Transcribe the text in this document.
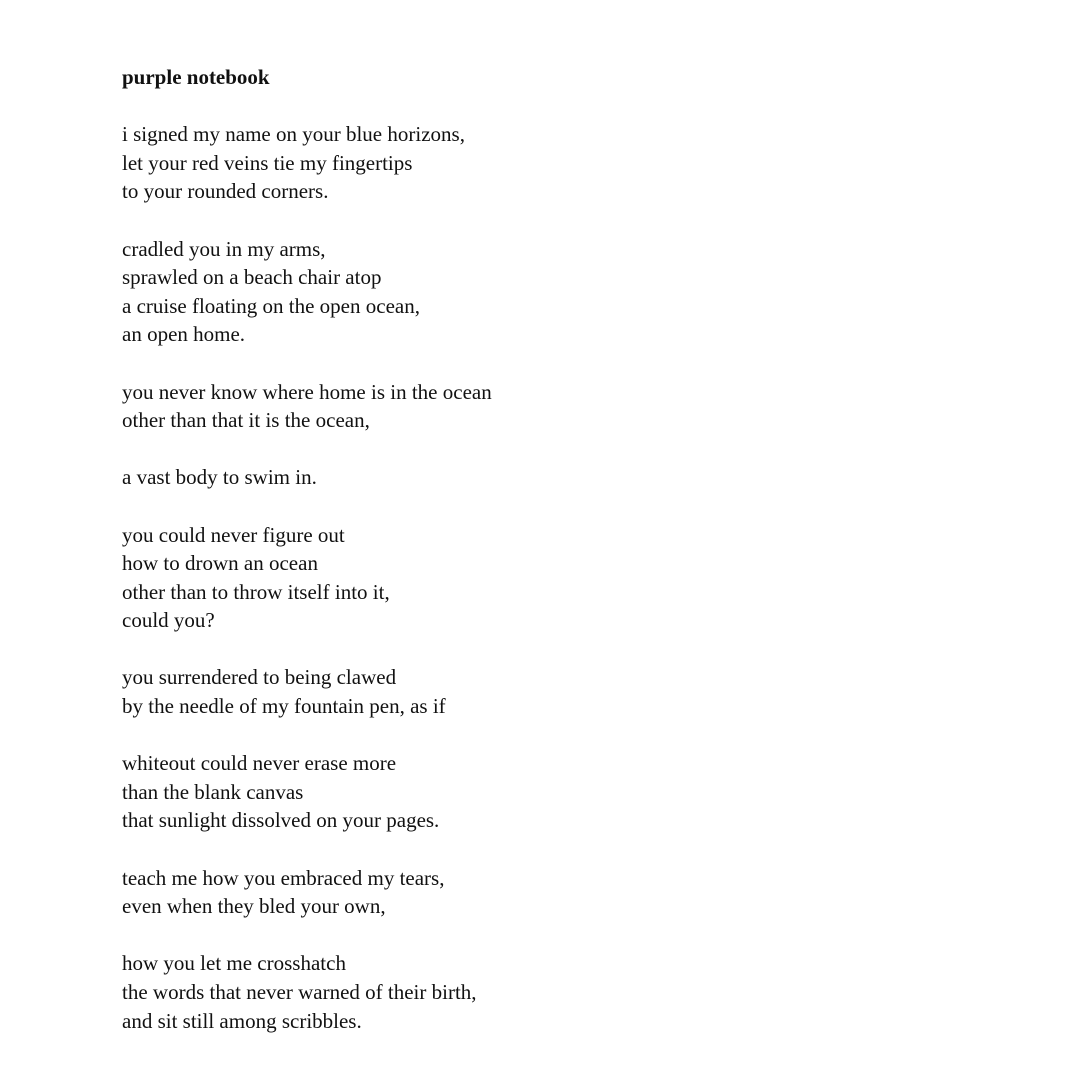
purple notebook
i signed my name on your blue horizons,
let your red veins tie my fingertips
to your rounded corners.
cradled you in my arms,
sprawled on a beach chair atop
a cruise floating on the open ocean,
an open home.
you never know where home is in the ocean
other than that it is the ocean,
a vast body to swim in.
you could never figure out
how to drown an ocean
other than to throw itself into it,
could you?
you surrendered to being clawed
by the needle of my fountain pen, as if
whiteout could never erase more
than the blank canvas
that sunlight dissolved on your pages.
teach me how you embraced my tears,
even when they bled your own,
how you let me crosshatch
the words that never warned of their birth,
and sit still among scribbles.
